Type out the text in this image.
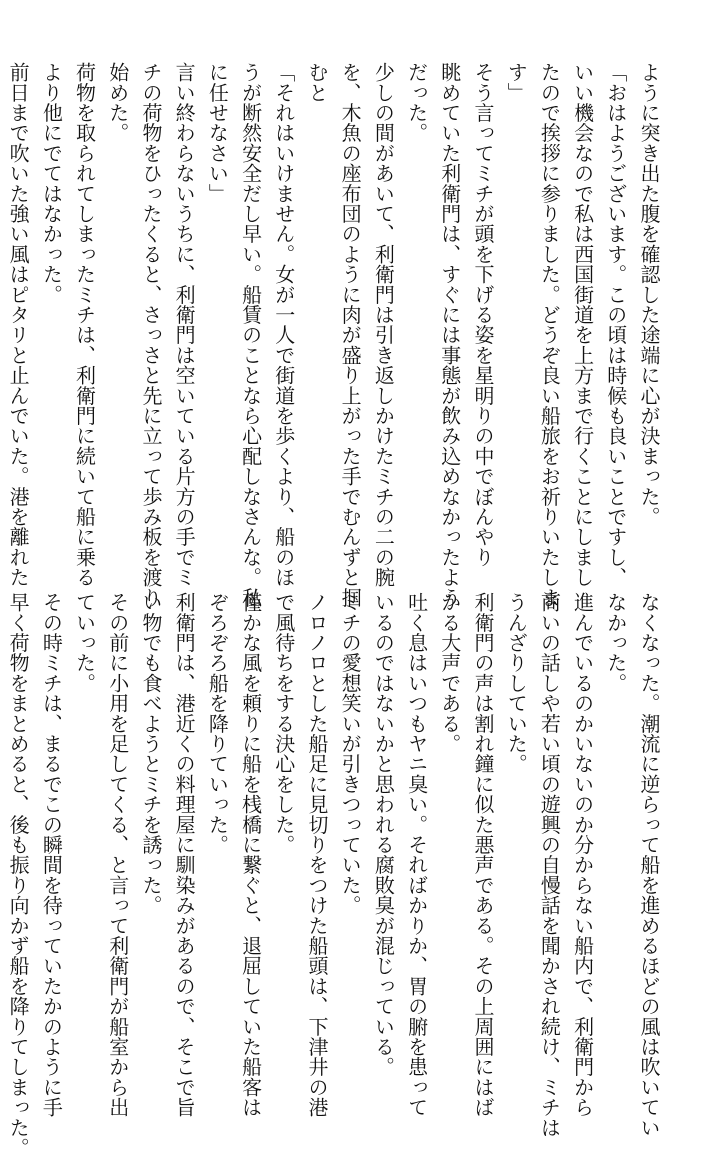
ように突き出た腹を確認した途端に心が決まった。
「おはようございます。この頃は時候も良いことですし、
いい機会なので私は西国街道を上方まで行くことにしまし
たので挨拶に参りました。どうぞ良い船旅をお祈りいたしま
す」
そう言ってミチが頭を下げる姿を星明りの中でぼんやり
眺めていた利衛門は、すぐには事態が飲み込めなかったよう
だった。
少しの間があいて、利衛門は引き返しかけたミチの二の腕
を、木魚の座布団のように肉が盛り上がった手でむんずと掴
むと
「それはいけません。女が一人で街道を歩くより、船のほ
うが断然安全だし早い。船賃のことなら心配しなさんな。私
に任せなさい」
言い終わらないうちに、利衛門は空いている片方の手でミ
チの荷物をひったくると、さっさと先に立って歩み板を渡り
始めた。
荷物を取られてしまったミチは、利衛門に続いて船に乗る
より他にでてはなかった。
前日まで吹いた強い風はピタリと止んでいた。港を離れた
なくなった。潮流に逆らって船を進めるほどの風は吹いてい
なかった。
進んでいるのかいないのか分からない船内で、利衛門から
商いの話しや若い頃の遊興の自慢話を聞かされ続け、ミチは
うんざりしていた。
利衛門の声は割れ鐘に似た悪声である。その上周囲にはば
かる大声である。
吐く息はいつもヤニ臭い。そればかりか、胃の腑を患って
いるのではないかと思われる腐敗臭が混じっている。
ミチの愛想笑いが引きつっていた。
ノロノロとした船足に見切りをつけた船頭は、下津井の港
で風待ちをする決心をした。
僅かな風を頼りに船を桟橋に繋ぐと、退屈していた船客は
ぞろぞろ船を降りていった。
利衛門は、港近くの料理屋に馴染みがあるので、そこで旨
い物でも食べようとミチを誘った。
その前に小用を足してくる、と言って利衛門が船室から出
ていった。
その時ミチは、まるでこの瞬間を待っていたかのように手
早く荷物をまとめると、後も振り向かず船を降りてしまった。
